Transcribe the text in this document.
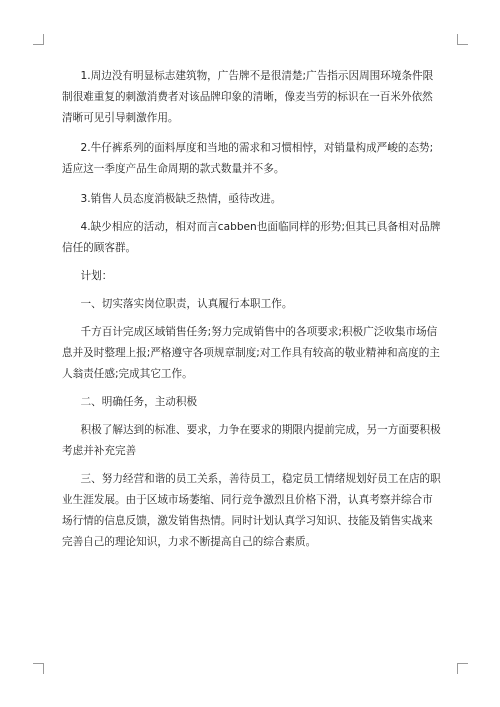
1.周边没有明显标志建筑物，广告牌不是很清楚;广告指示因周围环境条件限制很难重复的刺激消费者对该品牌印象的清晰，像麦当劳的标识在一百米外依然清晰可见引导刺激作用。

2.牛仔裤系列的面料厚度和当地的需求和习惯相悖，对销量构成严峻的态势;适应这一季度产品生命周期的款式数量并不多。

3.销售人员态度消极缺乏热情，亟待改进。

4.缺少相应的活动，相对而言cabben也面临同样的形势;但其已具备相对品牌信任的顾客群。

计划：

一、切实落实岗位职责，认真履行本职工作。

千方百计完成区域销售任务;努力完成销售中的各项要求;积极广泛收集市场信息并及时整理上报;严格遵守各项规章制度;对工作具有较高的敬业精神和高度的主人翁责任感;完成其它工作。

二、明确任务，主动积极

积极了解达到的标准、要求，力争在要求的期限内提前完成，另一方面要积极考虑并补充完善

三、努力经营和谐的员工关系，善待员工，稳定员工情绪规划好员工在店的职业生涯发展。由于区域市场萎缩、同行竞争激烈且价格下滑，认真考察并综合市场行情的信息反馈，激发销售热情。同时计划认真学习知识、技能及销售实战来完善自己的理论知识，力求不断提高自己的综合素质。
